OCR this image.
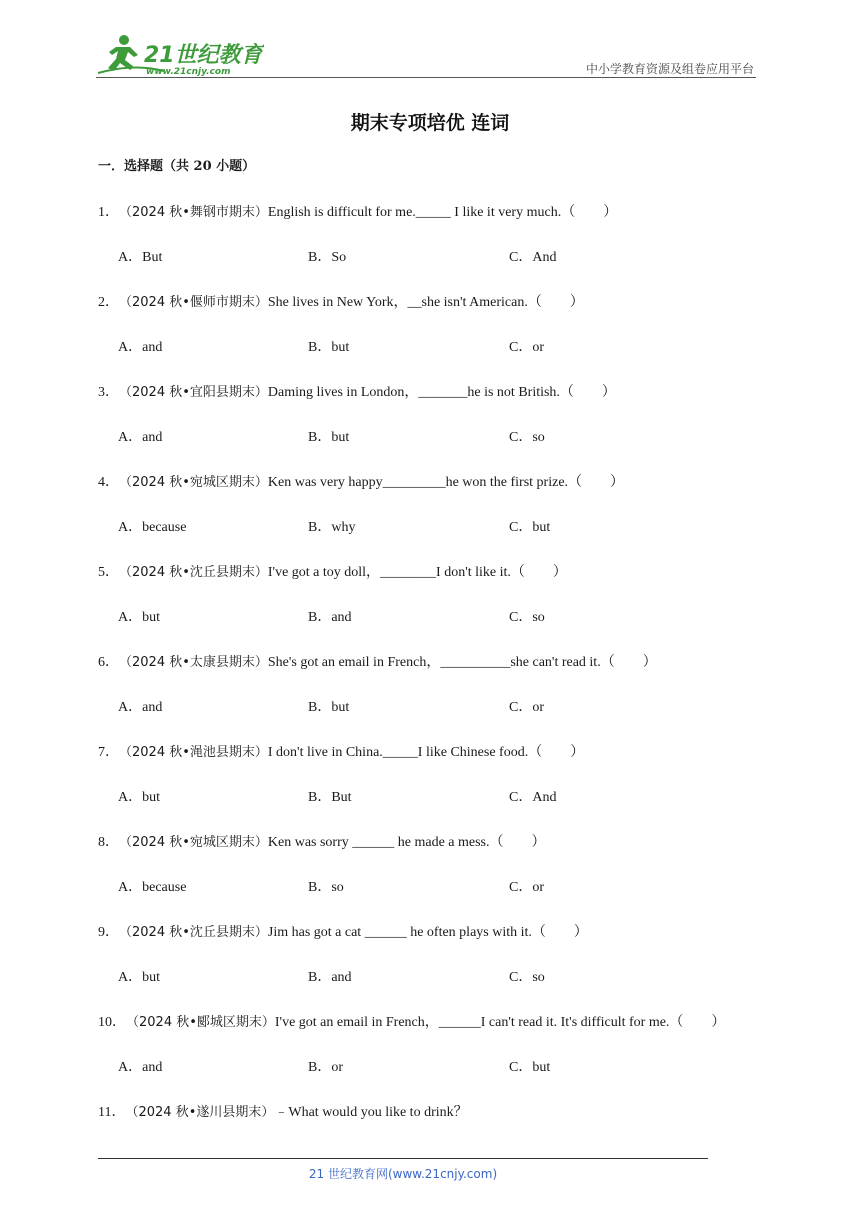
21世纪教育
www.21cnjy.com	中小学教育资源及组卷应用平台
期末专项培优 连词
一．选择题（共 20 小题）
1．（2024 秋•舞钢市期末）English is difficult for me._____ I like it very much.（　　）
A．But	B．So	C．And
2．（2024 秋•偃师市期末）She lives in New York，__she isn't American.（　　）
A．and	B．but	C．or
3．（2024 秋•宜阳县期末）Daming lives in London，_______he is not British.（　　）
A．and	B．but	C．so
4．（2024 秋•宛城区期末）Ken was very happy_________he won the first prize.（　　）
A．because	B．why	C．but
5．（2024 秋•沈丘县期末）I've got a toy doll，________I don't like it.（　　）
A．but	B．and	C．so
6．（2024 秋•太康县期末）She's got an email in French，__________she can't read it.（　　）
A．and	B．but	C．or
7．（2024 秋•渑池县期末）I don't live in China._____I like Chinese food.（　　）
A．but	B．But	C．And
8．（2024 秋•宛城区期末）Ken was sorry ______ he made a mess.（　　）
A．because	B．so	C．or
9．（2024 秋•沈丘县期末）Jim has got a cat ______ he often plays with it.（　　）
A．but	B．and	C．so
10．（2024 秋•郾城区期末）I've got an email in French，______I can't read it. It's difficult for me.（　　）
A．and	B．or	C．but
11．（2024 秋•遂川县期末）﹣What would you like to drink？
21 世纪教育网(www.21cnjy.com)
